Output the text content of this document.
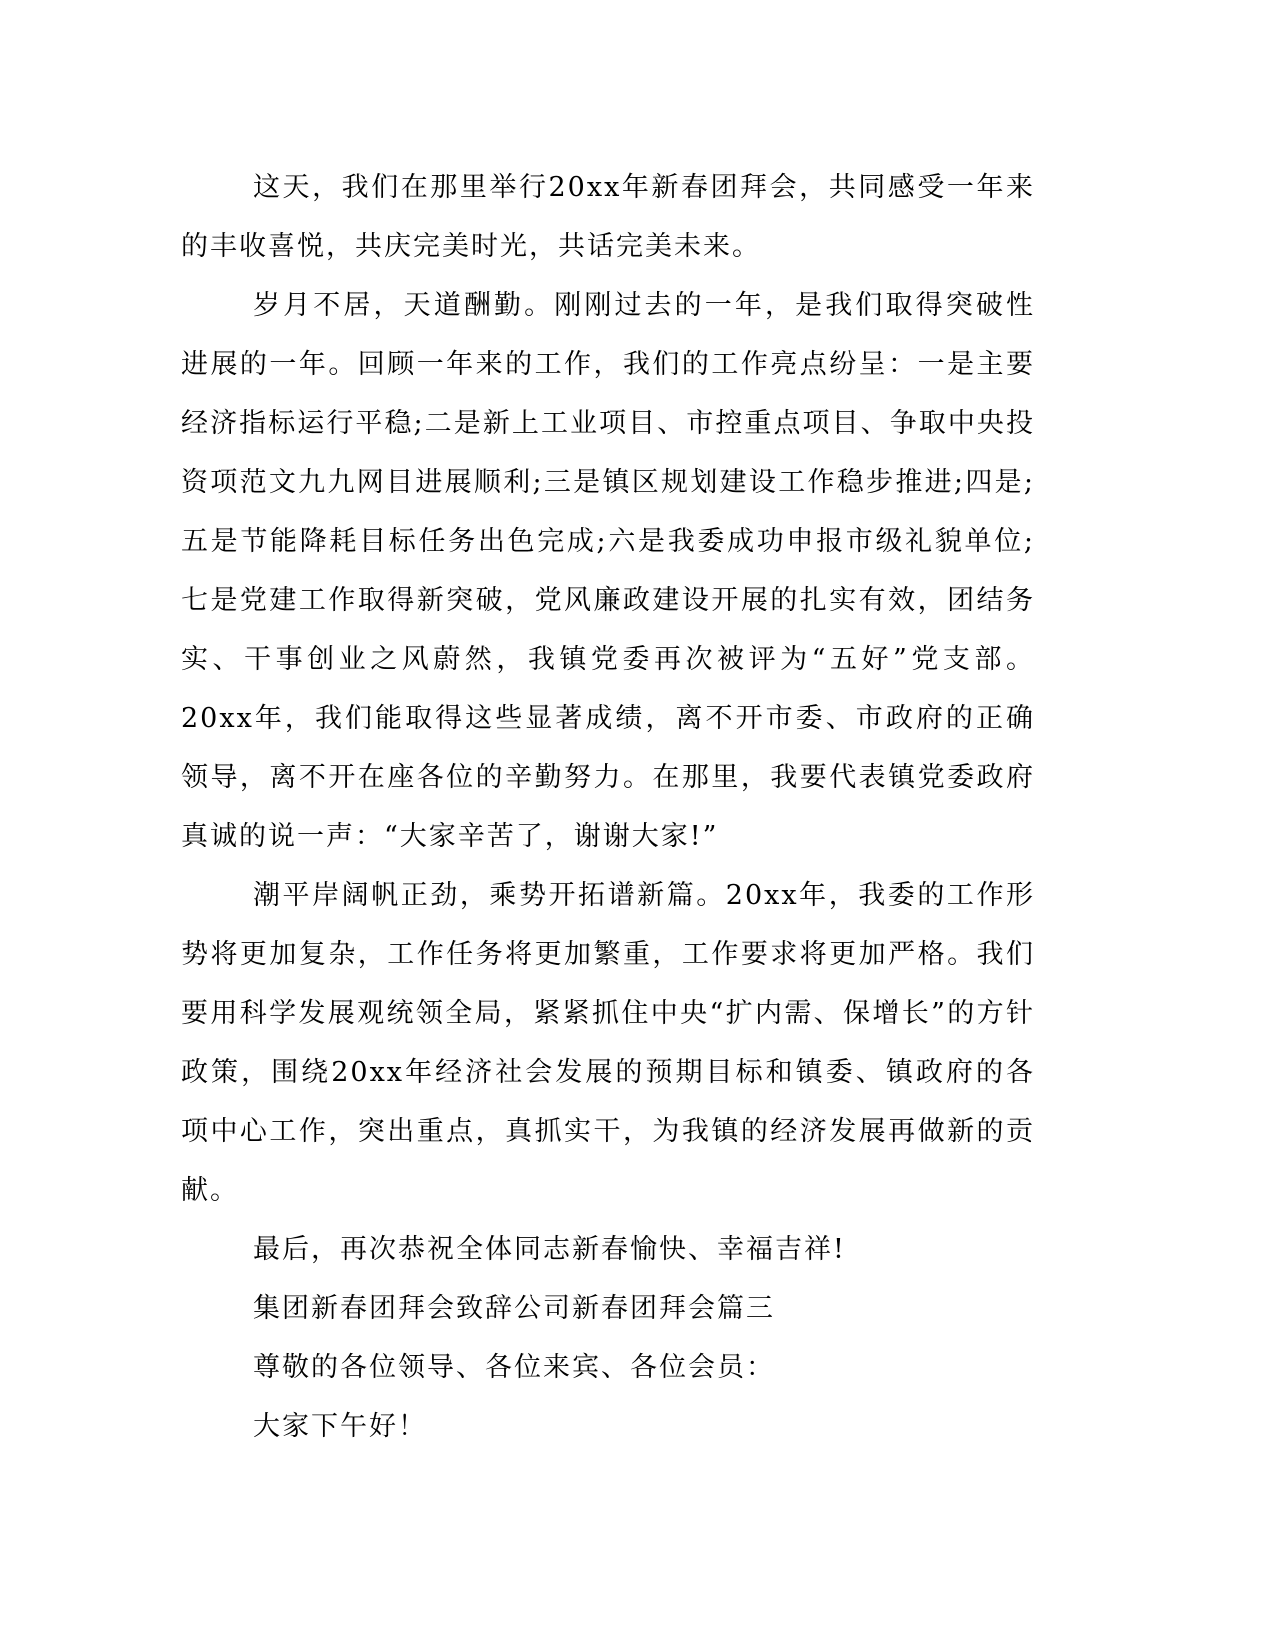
这天，我们在那里举行20xx年新春团拜会，共同感受一年来的丰收喜悦，共庆完美时光，共话完美未来。

岁月不居，天道酬勤。刚刚过去的一年，是我们取得突破性进展的一年。回顾一年来的工作，我们的工作亮点纷呈：一是主要经济指标运行平稳;二是新上工业项目、市控重点项目、争取中央投资项范文九九网目进展顺利;三是镇区规划建设工作稳步推进;四是;五是节能降耗目标任务出色完成;六是我委成功申报市级礼貌单位;七是党建工作取得新突破，党风廉政建设开展的扎实有效，团结务实、干事创业之风蔚然，我镇党委再次被评为“五好”党支部。20xx年，我们能取得这些显著成绩，离不开市委、市政府的正确领导，离不开在座各位的辛勤努力。在那里，我要代表镇党委政府真诚的说一声：“大家辛苦了，谢谢大家!”

潮平岸阔帆正劲，乘势开拓谱新篇。20xx年，我委的工作形势将更加复杂，工作任务将更加繁重，工作要求将更加严格。我们要用科学发展观统领全局，紧紧抓住中央“扩内需、保增长”的方针政策，围绕20xx年经济社会发展的预期目标和镇委、镇政府的各项中心工作，突出重点，真抓实干，为我镇的经济发展再做新的贡献。

最后，再次恭祝全体同志新春愉快、幸福吉祥!

集团新春团拜会致辞公司新春团拜会篇三

尊敬的各位领导、各位来宾、各位会员：

大家下午好！
